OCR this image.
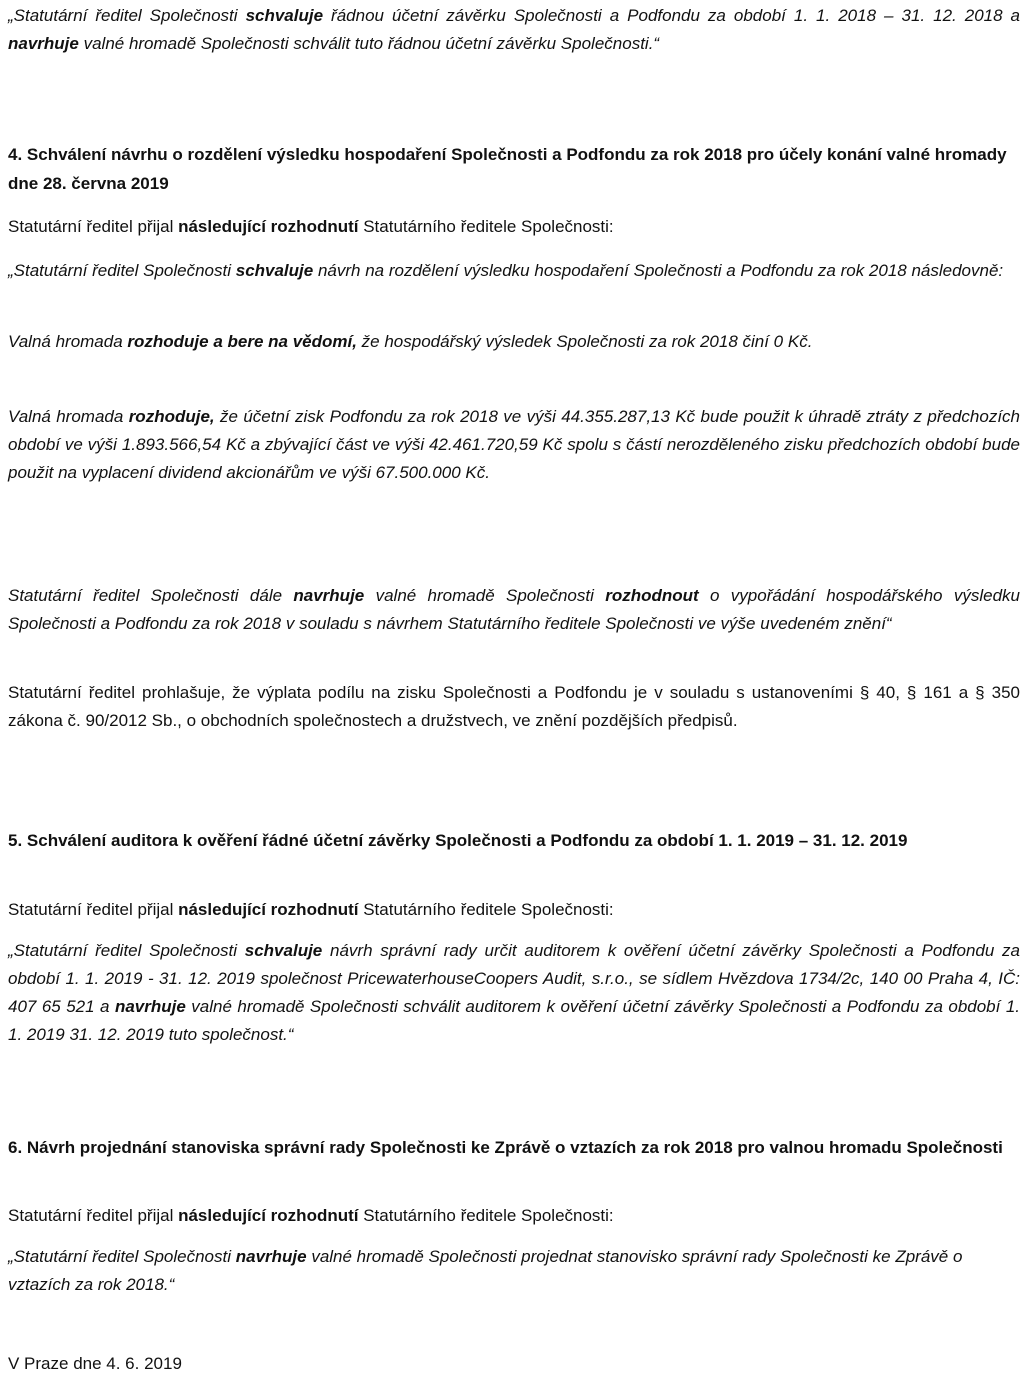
„Statutární ředitel Společnosti schvaluje řádnou účetní závěrku Společnosti a Podfondu za období 1. 1. 2018 – 31. 12. 2018 a navrhuje valné hromadě Společnosti schválit tuto řádnou účetní závěrku Společnosti.“
4. Schválení návrhu o rozdělení výsledku hospodaření Společnosti a Podfondu za rok 2018 pro účely konání valné hromady dne 28. června 2019
Statutární ředitel přijal následující rozhodnutí Statutárního ředitele Společnosti:
„Statutární ředitel Společnosti schvaluje návrh na rozdělení výsledku hospodaření Společnosti a Podfondu za rok 2018 následovně:
Valná hromada rozhoduje a bere na vědomí, že hospodářský výsledek Společnosti za rok 2018 činí 0 Kč.
Valná hromada rozhoduje, že účetní zisk Podfondu za rok 2018 ve výši 44.355.287,13 Kč bude použit k úhradě ztráty z předchozích období ve výši 1.893.566,54 Kč a zbývající část ve výši 42.461.720,59 Kč spolu s částí nerozděleného zisku předchozích období bude použit na vyplacení dividend akcionářům ve výši 67.500.000 Kč.
Statutární ředitel Společnosti dále navrhuje valné hromadě Společnosti rozhodnout o vypořádání hospodářského výsledku Společnosti a Podfondu za rok 2018 v souladu s návrhem Statutárního ředitele Společnosti ve výše uvedeném znění“
Statutární ředitel prohlašuje, že výplata podílu na zisku Společnosti a Podfondu je v souladu s ustanoveními § 40, § 161 a § 350 zákona č. 90/2012 Sb., o obchodních společnostech a družstvech, ve znění pozdějších předpisů.
5. Schválení auditora k ověření řádné účetní závěrky Společnosti a Podfondu za období 1. 1. 2019 – 31. 12. 2019
Statutární ředitel přijal následující rozhodnutí Statutárního ředitele Společnosti:
„Statutární ředitel Společnosti schvaluje návrh správní rady určit auditorem k ověření účetní závěrky Společnosti a Podfondu za období 1. 1. 2019 - 31. 12. 2019 společnost PricewaterhouseCoopers Audit, s.r.o., se sídlem Hvězdova 1734/2c, 140 00 Praha 4, IČ: 407 65 521 a navrhuje valné hromadě Společnosti schválit auditorem k ověření účetní závěrky Společnosti a Podfondu za období 1. 1. 2019 31. 12. 2019 tuto společnost.“
6. Návrh projednání stanoviska správní rady Společnosti ke Zprávě o vztazích za rok 2018 pro valnou hromadu Společnosti
Statutární ředitel přijal následující rozhodnutí Statutárního ředitele Společnosti:
„Statutární ředitel Společnosti navrhuje valné hromadě Společnosti projednat stanovisko správní rady Společnosti ke Zprávě o vztazích za rok 2018.“
V Praze dne 4. 6. 2019
